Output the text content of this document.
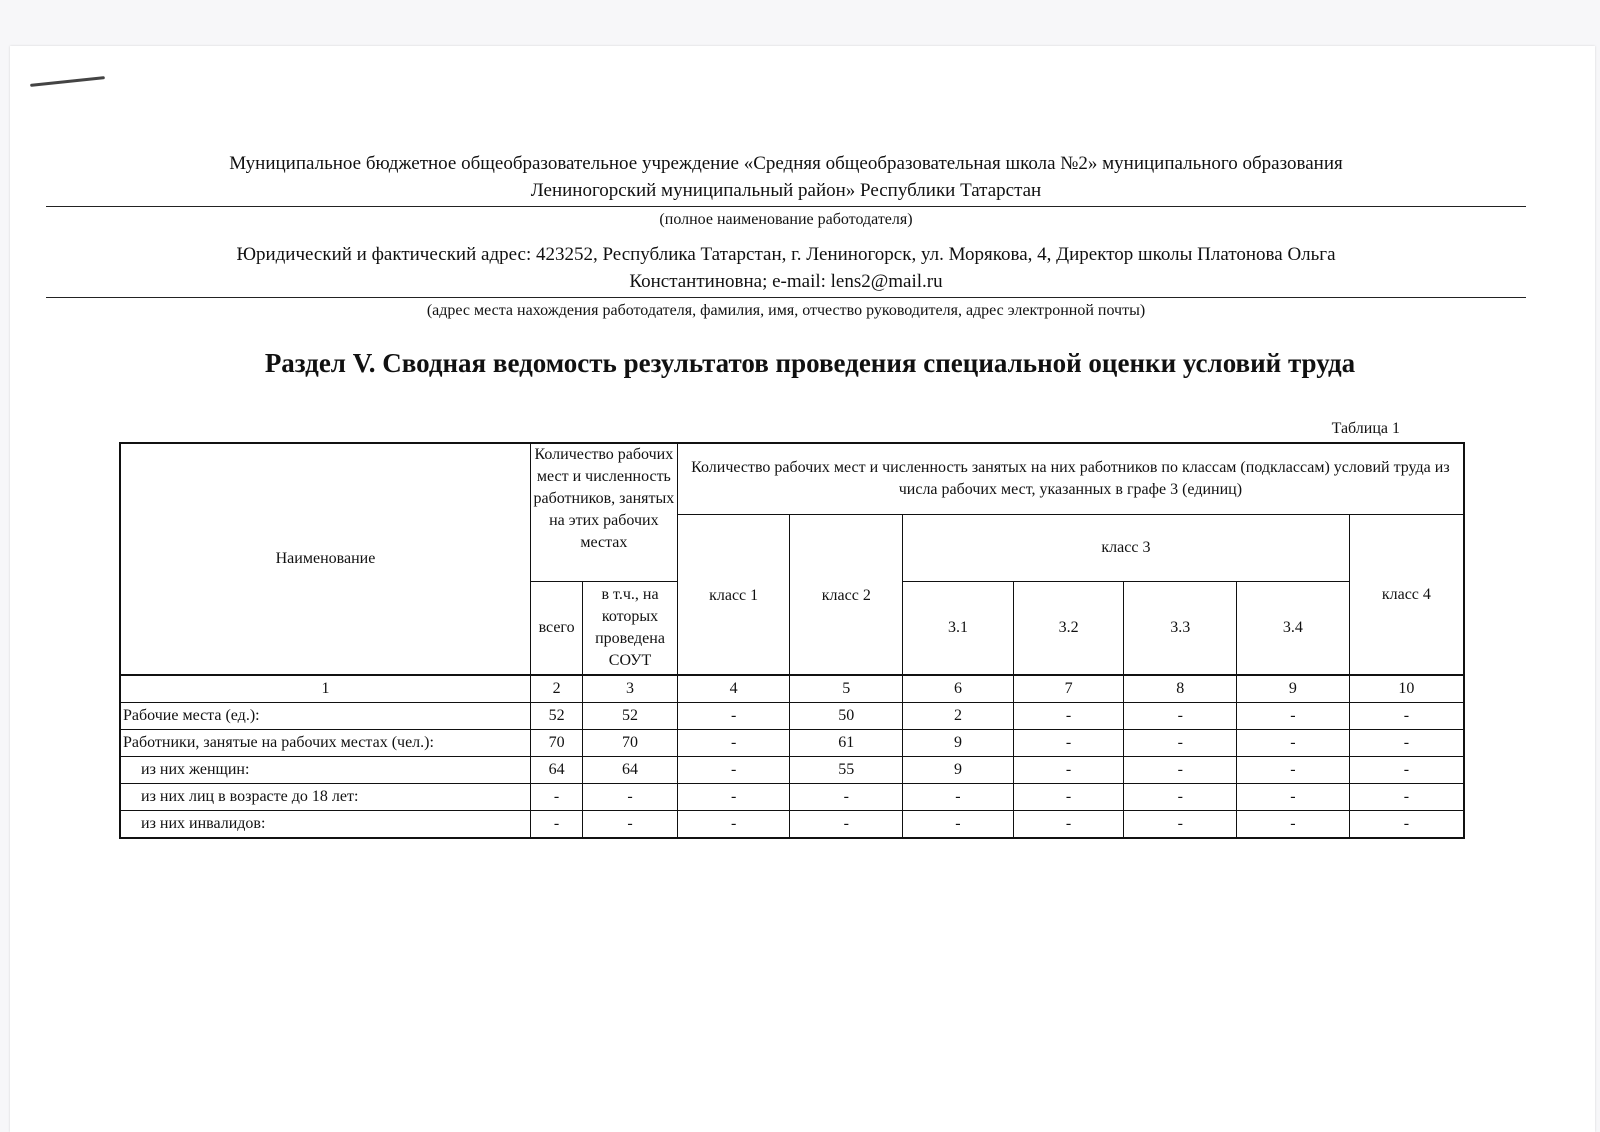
Муниципальное бюджетное общеобразовательное учреждение «Средняя общеобразовательная школа №2» муниципального образования
Лениногорский муниципальный район» Республики Татарстан
(полное наименование работодателя)
Юридический и фактический адрес: 423252, Республика Татарстан, г. Лениногорск, ул. Морякова, 4, Директор школы Платонова Ольга
Константиновна; e-mail: lens2@mail.ru
(адрес места нахождения работодателя, фамилия, имя, отчество руководителя, адрес электронной почты)
Раздел V. Сводная ведомость результатов проведения специальной оценки условий труда
Таблица 1
Наименование	Количество рабочих мест и численность работников, занятых на этих рабочих местах		Количество рабочих мест и численность занятых на них работников по классам (подклассам) условий труда из числа рабочих мест, указанных в графе 3 (единиц)						
			класс 1	класс 2	класс 3				класс 4
	всего	в т.ч., на которых проведена СОУТ			3.1	3.2	3.3	3.4	
1	2	3	4	5	6	7	8	9	10
Рабочие места (ед.):	52	52	-	50	2	-	-	-	-
Работники, занятые на рабочих местах (чел.):	70	70	-	61	9	-	-	-	-
из них женщин:	64	64	-	55	9	-	-	-	-
из них лиц в возрасте до 18 лет:	-	-	-	-	-	-	-	-	-
из них инвалидов:	-	-	-	-	-	-	-	-	-
